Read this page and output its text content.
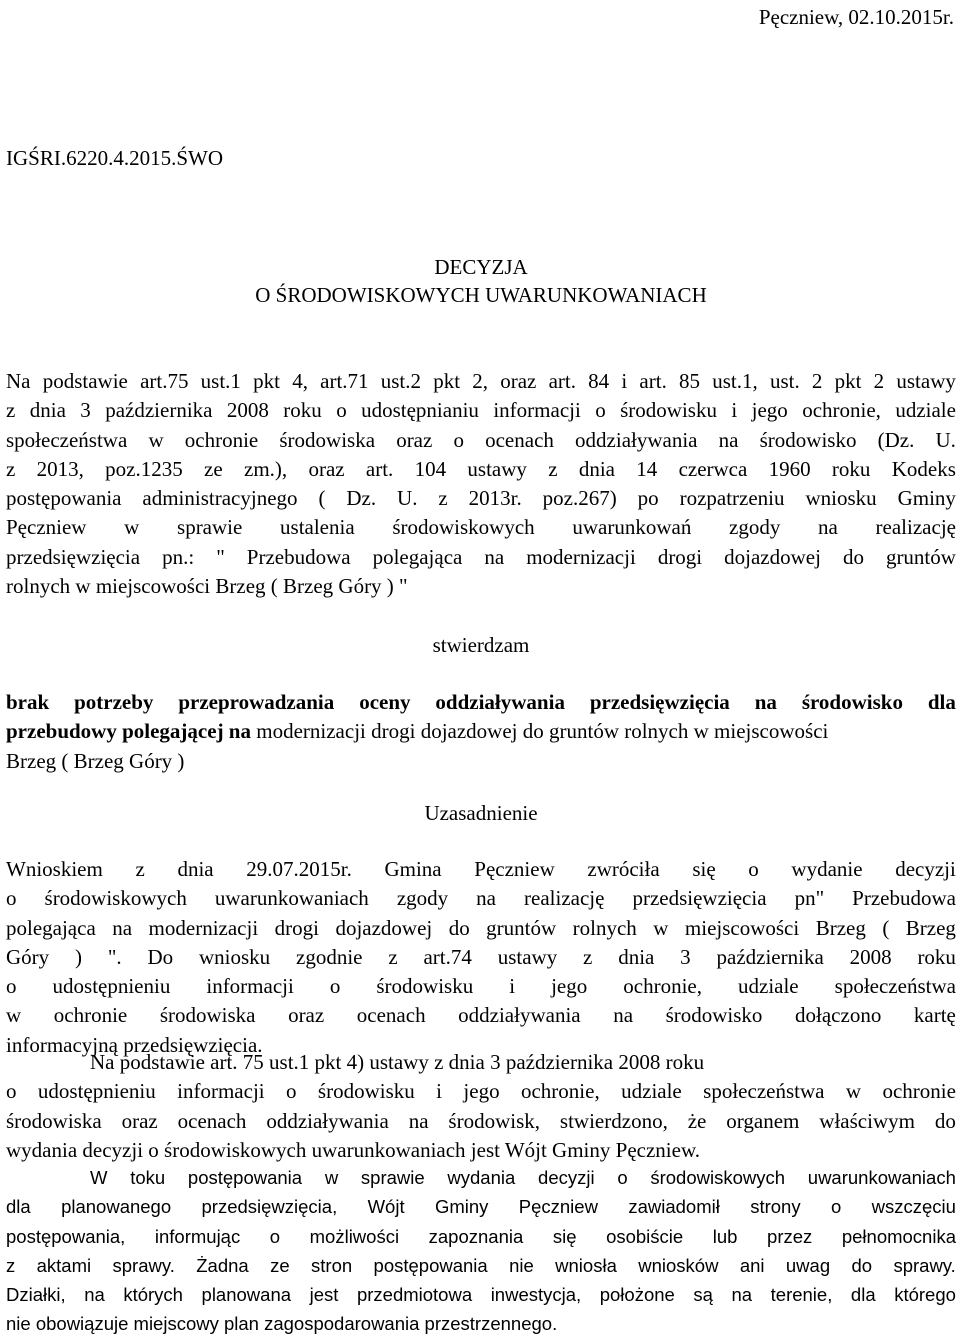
Pęczniew, 02.10.2015r.
IGŚRI.6220.4.2015.ŚWO
DECYZJA
O ŚRODOWISKOWYCH UWARUNKOWANIACH
Na podstawie art.75 ust.1 pkt 4, art.71 ust.2 pkt 2, oraz art. 84 i art. 85 ust.1, ust. 2 pkt 2 ustawy
z dnia 3 października 2008 roku o udostępnianiu informacji o środowisku i jego ochronie, udziale
społeczeństwa w ochronie środowiska oraz o ocenach oddziaływania na środowisko (Dz. U.
z 2013, poz.1235 ze zm.), oraz art. 104 ustawy z dnia 14 czerwca 1960 roku Kodeks
postępowania administracyjnego ( Dz. U. z 2013r. poz.267) po rozpatrzeniu wniosku Gminy
Pęczniew w sprawie ustalenia środowiskowych uwarunkowań zgody na realizację
przedsięwzięcia pn.: " Przebudowa polegająca na modernizacji drogi dojazdowej do gruntów
rolnych w miejscowości Brzeg ( Brzeg Góry ) "
stwierdzam
brak potrzeby przeprowadzania oceny oddziaływania przedsięwzięcia na środowisko dla
przebudowy polegającej na modernizacji drogi dojazdowej do gruntów rolnych w miejscowości
Brzeg ( Brzeg Góry )
Uzasadnienie
Wnioskiem z dnia 29.07.2015r. Gmina Pęczniew zwróciła się o wydanie decyzji
o środowiskowych uwarunkowaniach zgody na realizację przedsięwzięcia pn" Przebudowa
polegająca na modernizacji drogi dojazdowej do gruntów rolnych w miejscowości Brzeg ( Brzeg
Góry ) ". Do wniosku zgodnie z art.74 ustawy z dnia 3 października 2008 roku
o udostępnieniu informacji o środowisku i jego ochronie, udziale społeczeństwa
w ochronie środowiska oraz ocenach oddziaływania na środowisko dołączono kartę
informacyjną przedsięwzięcia.
Na podstawie art. 75 ust.1 pkt 4) ustawy z dnia 3 października 2008 roku
o udostępnieniu informacji o środowisku i jego ochronie, udziale społeczeństwa w ochronie
środowiska oraz ocenach oddziaływania na środowisk, stwierdzono, że organem właściwym do
wydania decyzji o środowiskowych uwarunkowaniach jest Wójt Gminy Pęczniew.
W toku postępowania w sprawie wydania decyzji o środowiskowych uwarunkowaniach
dla planowanego przedsięwzięcia, Wójt Gminy Pęczniew zawiadomił strony o wszczęciu
postępowania, informując o możliwości zapoznania się osobiście lub przez pełnomocnika
z aktami sprawy. Żadna ze stron postępowania nie wniosła wniosków ani uwag do sprawy.
Działki, na których planowana jest przedmiotowa inwestycja, położone są na terenie, dla którego
nie obowiązuje miejscowy plan zagospodarowania przestrzennego.
